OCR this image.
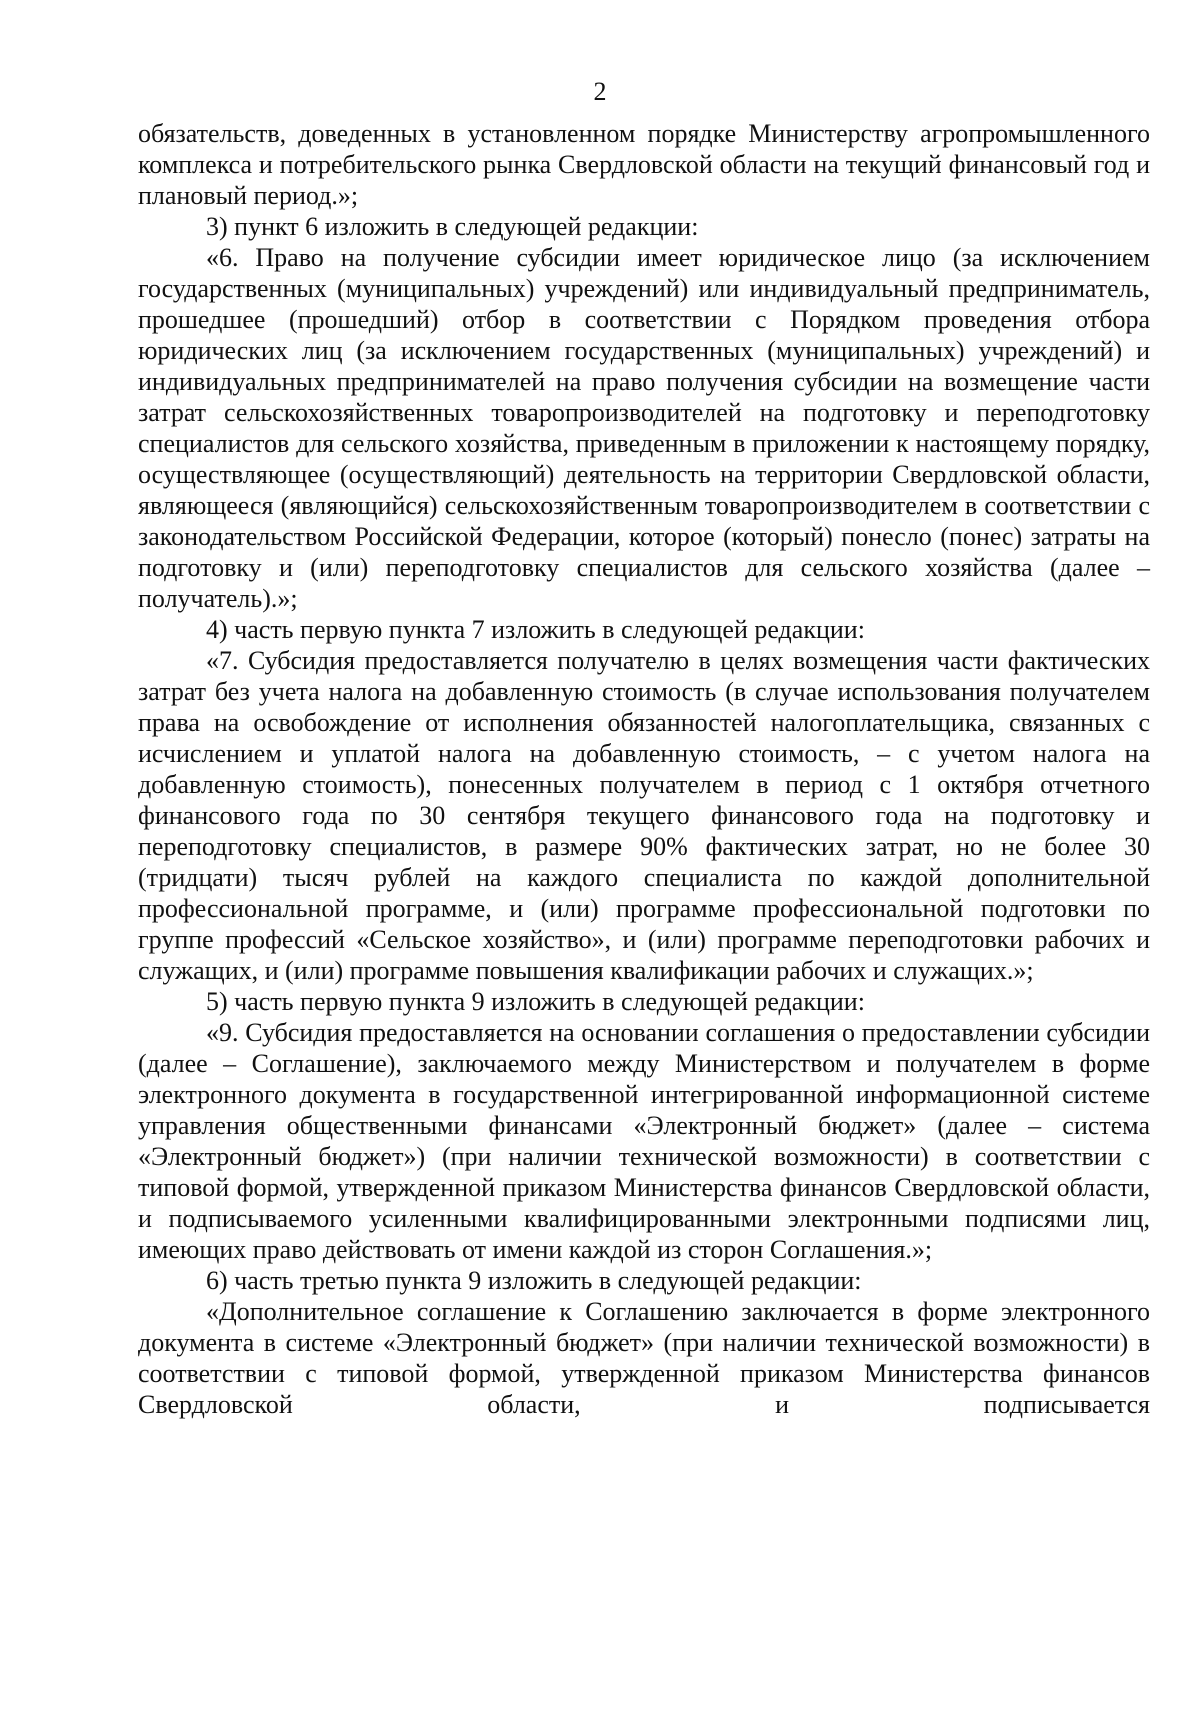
2

обязательств, доведенных в установленном порядке Министерству агропромышленного комплекса и потребительского рынка Свердловской области на текущий финансовый год и плановый период.»;

3) пункт 6 изложить в следующей редакции:

«6. Право на получение субсидии имеет юридическое лицо (за исключением государственных (муниципальных) учреждений) или индивидуальный предприниматель, прошедшее (прошедший) отбор в соответствии с Порядком проведения отбора юридических лиц (за исключением государственных (муниципальных) учреждений) и индивидуальных предпринимателей на право получения субсидии на возмещение части затрат сельскохозяйственных товаропроизводителей на подготовку и переподготовку специалистов для сельского хозяйства, приведенным в приложении к настоящему порядку, осуществляющее (осуществляющий) деятельность на территории Свердловской области, являющееся (являющийся) сельскохозяйственным товаропроизводителем в соответствии с законодательством Российской Федерации, которое (который) понесло (понес) затраты на подготовку и (или) переподготовку специалистов для сельского хозяйства (далее – получатель).»;

4) часть первую пункта 7 изложить в следующей редакции:

«7. Субсидия предоставляется получателю в целях возмещения части фактических затрат без учета налога на добавленную стоимость (в случае использования получателем права на освобождение от исполнения обязанностей налогоплательщика, связанных с исчислением и уплатой налога на добавленную стоимость, – с учетом налога на добавленную стоимость), понесенных получателем в период с 1 октября отчетного финансового года по 30 сентября текущего финансового года на подготовку и переподготовку специалистов, в размере 90% фактических затрат, но не более 30 (тридцати) тысяч рублей на каждого специалиста по каждой дополнительной профессиональной программе, и (или) программе профессиональной подготовки по группе профессий «Сельское хозяйство», и (или) программе переподготовки рабочих и служащих, и (или) программе повышения квалификации рабочих и служащих.»;

5) часть первую пункта 9 изложить в следующей редакции:

«9. Субсидия предоставляется на основании соглашения о предоставлении субсидии (далее – Соглашение), заключаемого между Министерством и получателем в форме электронного документа в государственной интегрированной информационной системе управления общественными финансами «Электронный бюджет» (далее – система «Электронный бюджет») (при наличии технической возможности) в соответствии с типовой формой, утвержденной приказом Министерства финансов Свердловской области, и подписываемого усиленными квалифицированными электронными подписями лиц, имеющих право действовать от имени каждой из сторон Соглашения.»;

6) часть третью пункта 9 изложить в следующей редакции:

«Дополнительное соглашение к Соглашению заключается в форме электронного документа в системе «Электронный бюджет» (при наличии технической возможности) в соответствии с типовой формой, утвержденной приказом Министерства финансов Свердловской области, и подписывается
